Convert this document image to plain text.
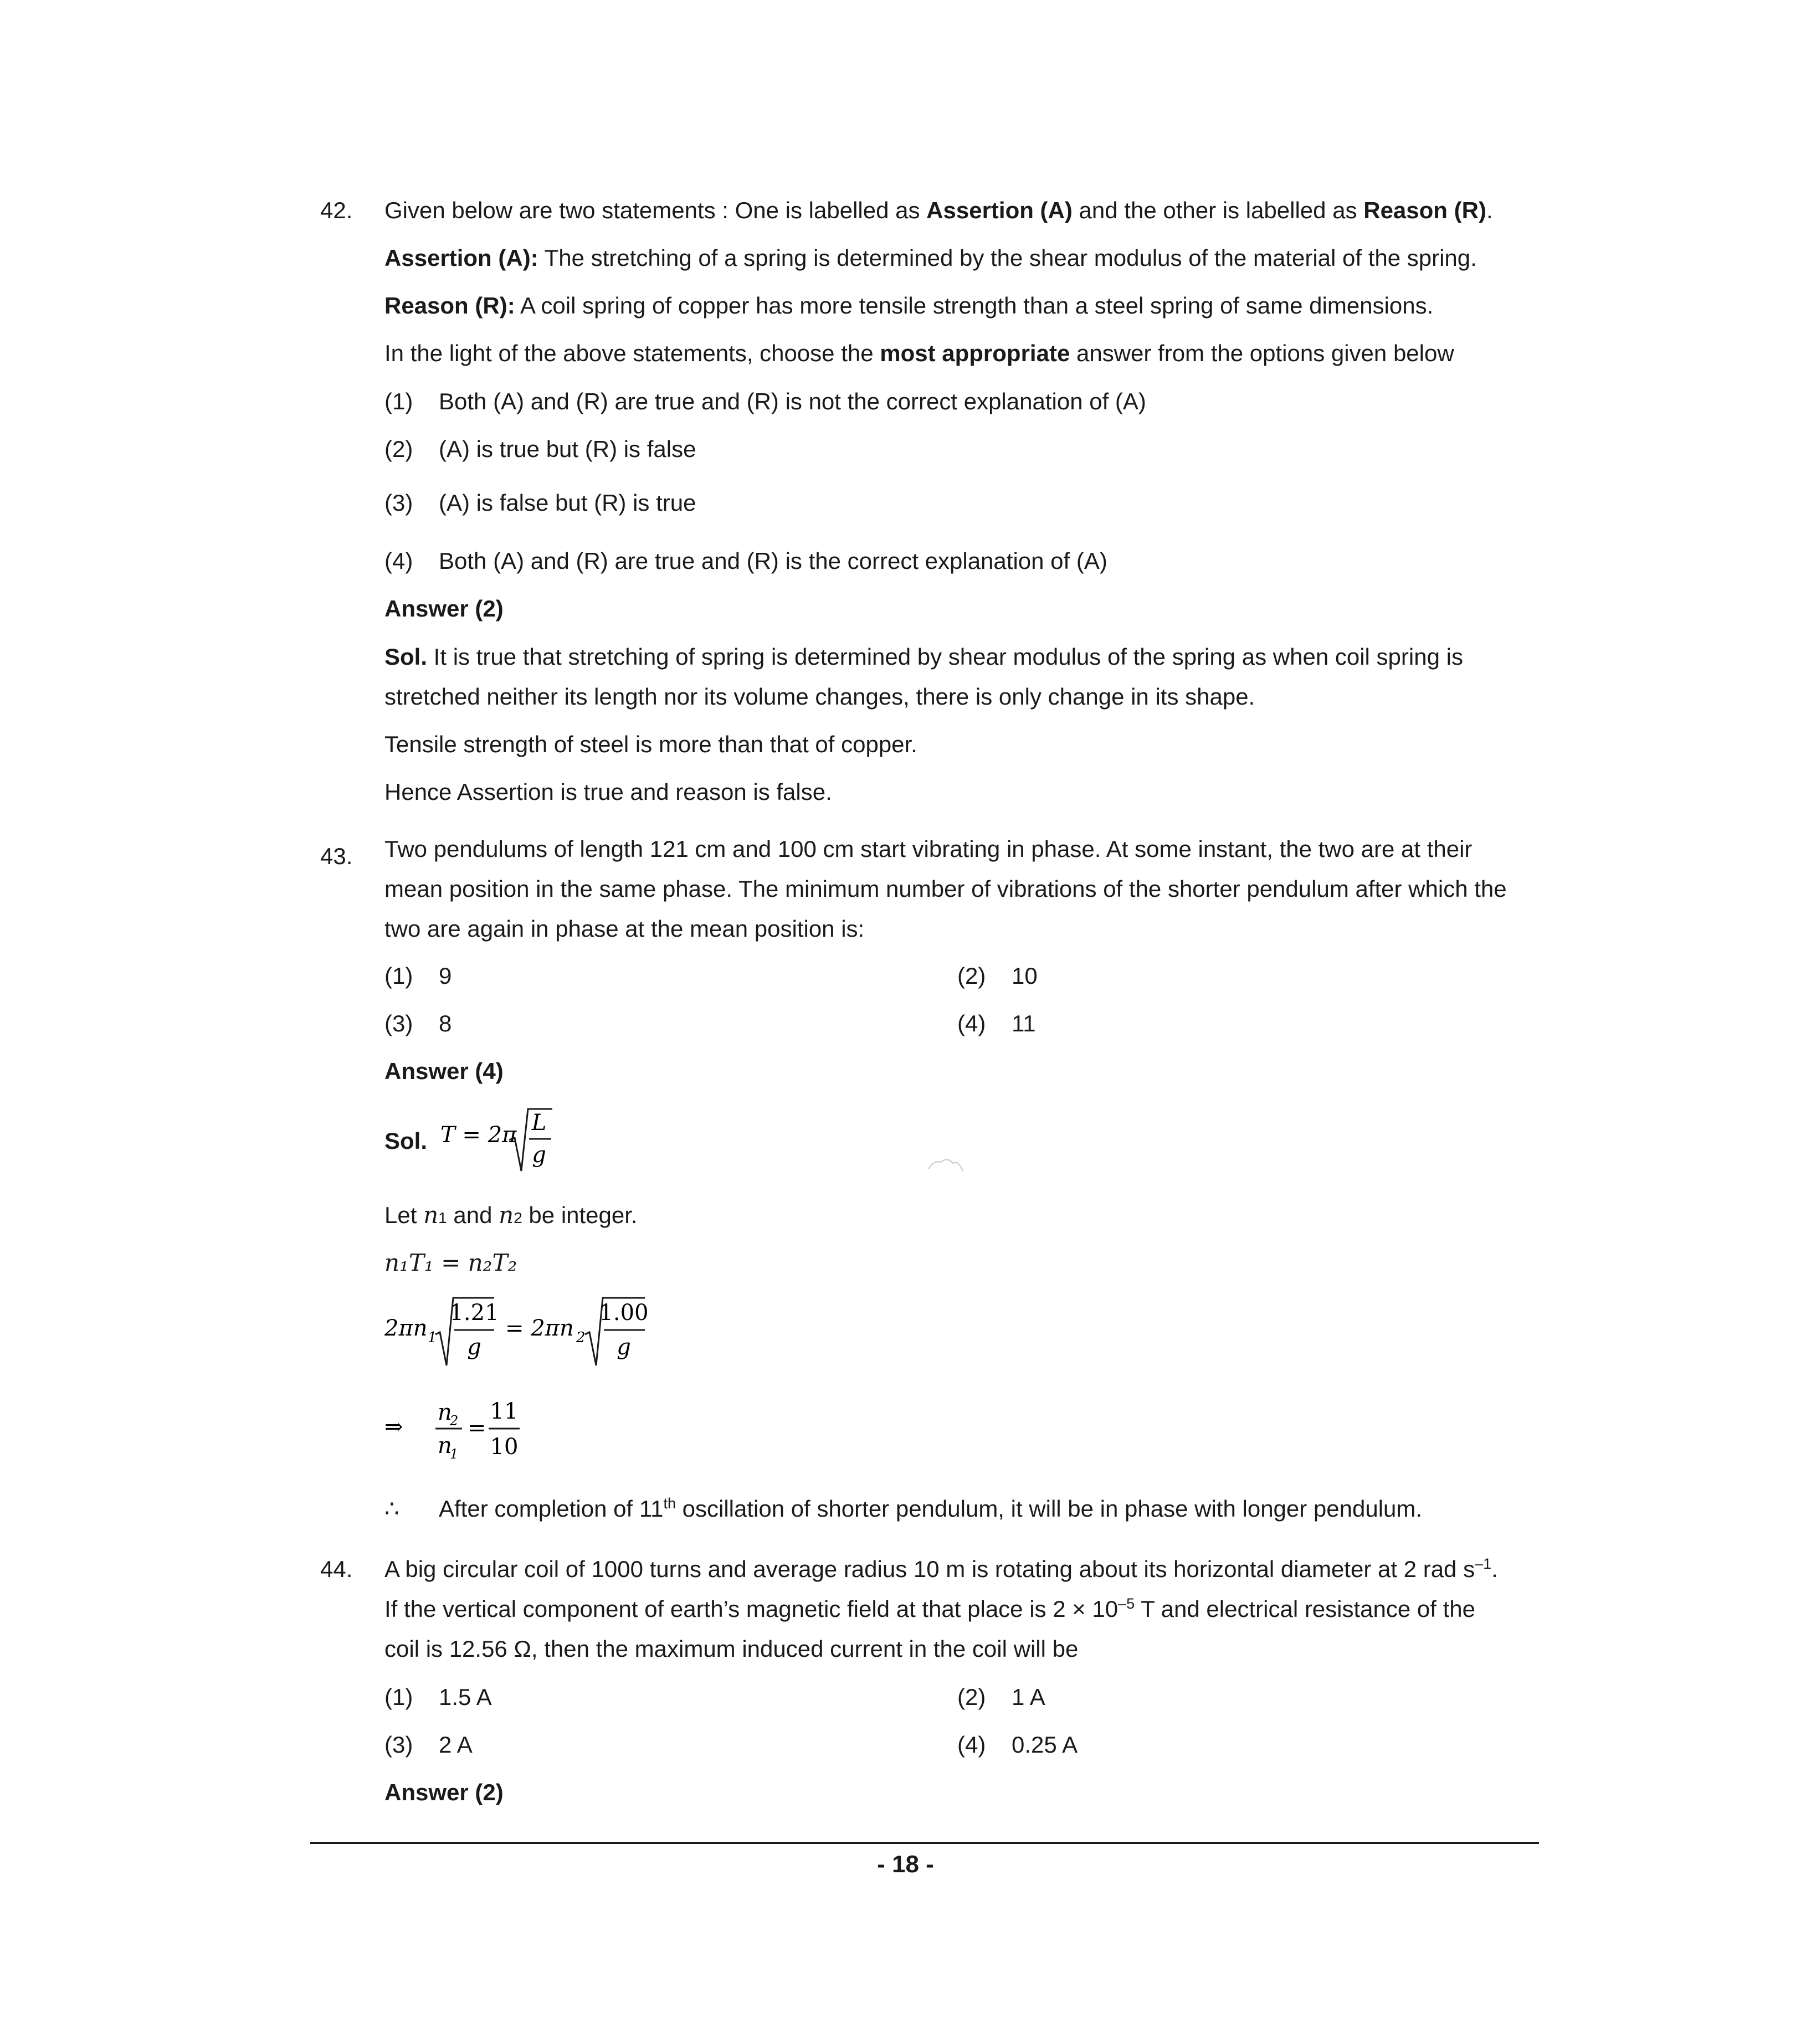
42. Given below are two statements : One is labelled as Assertion (A) and the other is labelled as Reason (R).
Assertion (A): The stretching of a spring is determined by the shear modulus of the material of the spring.
Reason (R): A coil spring of copper has more tensile strength than a steel spring of same dimensions.
In the light of the above statements, choose the most appropriate answer from the options given below
(1) Both (A) and (R) are true and (R) is not the correct explanation of (A)
(2) (A) is true but (R) is false
(3) (A) is false but (R) is true
(4) Both (A) and (R) are true and (R) is the correct explanation of (A)
Answer (2)
Sol. It is true that stretching of spring is determined by shear modulus of the spring as when coil spring is
stretched neither its length nor its volume changes, there is only change in its shape.
Tensile strength of steel is more than that of copper.
Hence Assertion is true and reason is false.
43. Two pendulums of length 121 cm and 100 cm start vibrating in phase. At some instant, the two are at their
mean position in the same phase. The minimum number of vibrations of the shorter pendulum after which the
two are again in phase at the mean position is:
(1) 9	(2) 10
(3) 8	(4) 11
Answer (4)
Sol. T = 2π L
g
Let n1 and n2 be integer.
n₁T₁ = n₂T₂
2πn 1
1.21
g
= 2πn 2
1.00
g
⇒
n
2
n
1
=
11
10
∴ After completion of 11th oscillation of shorter pendulum, it will be in phase with longer pendulum.
44. A big circular coil of 1000 turns and average radius 10 m is rotating about its horizontal diameter at 2 rad $s^{-1}$.
If the vertical component of earth’s magnetic field at that place is $2 \times 10^{-5}$ T and electrical resistance of the
coil is 12.56 Ω, then the maximum induced current in the coil will be
(1) 1.5 A	(2) 1 A
(3) 2 A	(4) 0.25 A
Answer (2)
- 18 -
